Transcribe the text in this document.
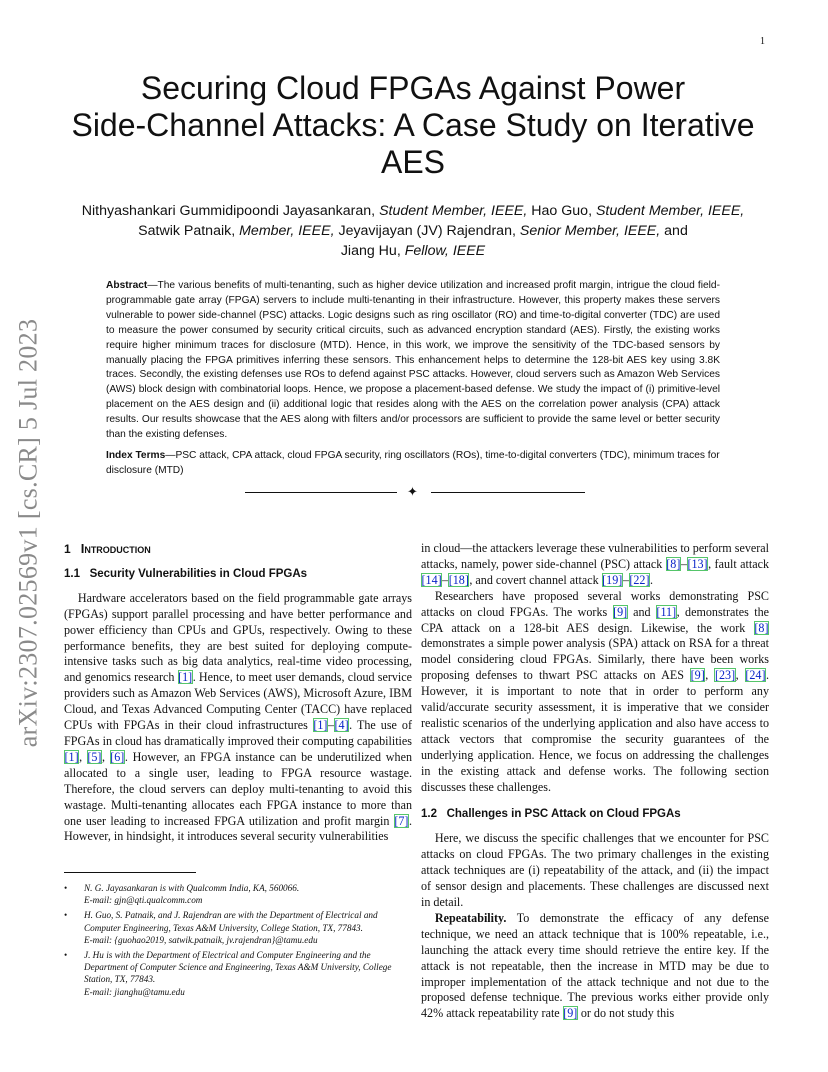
1
arXiv:2307.02569v1 [cs.CR] 5 Jul 2023
Securing Cloud FPGAs Against Power
Side-Channel Attacks: A Case Study on Iterative
AES
Nithyashankari Gummidipoondi Jayasankaran, Student Member, IEEE, Hao Guo, Student Member, IEEE,
Satwik Patnaik, Member, IEEE, Jeyavijayan (JV) Rajendran, Senior Member, IEEE, and
Jiang Hu, Fellow, IEEE
Abstract—The various benefits of multi-tenanting, such as higher device utilization and increased profit margin, intrigue the cloud field-programmable gate array (FPGA) servers to include multi-tenanting in their infrastructure. However, this property makes these servers vulnerable to power side-channel (PSC) attacks. Logic designs such as ring oscillator (RO) and time-to-digital converter (TDC) are used to measure the power consumed by security critical circuits, such as advanced encryption standard (AES). Firstly, the existing works require higher minimum traces for disclosure (MTD). Hence, in this work, we improve the sensitivity of the TDC-based sensors by manually placing the FPGA primitives inferring these sensors. This enhancement helps to determine the 128-bit AES key using 3.8K traces. Secondly, the existing defenses use ROs to defend against PSC attacks. However, cloud servers such as Amazon Web Services (AWS) block design with combinatorial loops. Hence, we propose a placement-based defense. We study the impact of (i) primitive-level placement on the AES design and (ii) additional logic that resides along with the AES on the correlation power analysis (CPA) attack results. Our results showcase that the AES along with filters and/or processors are sufficient to provide the same level or better security than the existing defenses.
Index Terms—PSC attack, CPA attack, cloud FPGA security, ring oscillators (ROs), time-to-digital converters (TDC), minimum traces for disclosure (MTD)
✦
1 Introduction
1.1 Security Vulnerabilities in Cloud FPGAs
Hardware accelerators based on the field programmable gate arrays (FPGAs) support parallel processing and have better performance and power efficiency than CPUs and GPUs, respectively. Owing to these performance benefits, they are best suited for deploying compute-intensive tasks such as big data analytics, real-time video processing, and genomics research [1]. Hence, to meet user demands, cloud service providers such as Amazon Web Services (AWS), Microsoft Azure, IBM Cloud, and Texas Advanced Computing Center (TACC) have replaced CPUs with FPGAs in their cloud infrastructures [1]–[4]. The use of FPGAs in cloud has dramatically improved their computing capabilities [1], [5], [6]. However, an FPGA instance can be underutilized when allocated to a single user, leading to FPGA resource wastage. Therefore, the cloud servers can deploy multi-tenanting to avoid this wastage. Multi-tenanting allocates each FPGA instance to more than one user leading to increased FPGA utilization and profit margin [7]. However, in hindsight, it introduces several security vulnerabilities
• N. G. Jayasankaran is with Qualcomm India, KA, 560066.
E-mail: gjn@qti.qualcomm.com
• H. Guo, S. Patnaik, and J. Rajendran are with the Department of Electrical and Computer Engineering, Texas A&M University, College Station, TX, 77843.
E-mail: {guohao2019, satwik.patnaik, jv.rajendran}@tamu.edu
• J. Hu is with the Department of Electrical and Computer Engineering and the Department of Computer Science and Engineering, Texas A&M University, College Station, TX, 77843.
E-mail: jianghu@tamu.edu
in cloud—the attackers leverage these vulnerabilities to perform several attacks, namely, power side-channel (PSC) attack [8]–[13], fault attack [14]–[18], and covert channel attack [19]–[22].
Researchers have proposed several works demonstrating PSC attacks on cloud FPGAs. The works [9] and [11], demonstrates the CPA attack on a 128-bit AES design. Likewise, the work [8] demonstrates a simple power analysis (SPA) attack on RSA for a threat model considering cloud FPGAs. Similarly, there have been works proposing defenses to thwart PSC attacks on AES [9], [23], [24]. However, it is important to note that in order to perform any valid/accurate security assessment, it is imperative that we consider realistic scenarios of the underlying application and also have access to attack vectors that compromise the security guarantees of the underlying application. Hence, we focus on addressing the challenges in the existing attack and defense works. The following section discusses these challenges.
1.2 Challenges in PSC Attack on Cloud FPGAs
Here, we discuss the specific challenges that we encounter for PSC attacks on cloud FPGAs. The two primary challenges in the existing attack techniques are (i) repeatability of the attack, and (ii) the impact of sensor design and placements. These challenges are discussed next in detail.
Repeatability. To demonstrate the efficacy of any defense technique, we need an attack technique that is 100% repeatable, i.e., launching the attack every time should retrieve the entire key. If the attack is not repeatable, then the increase in MTD may be due to improper implementation of the attack technique and not due to the proposed defense technique. The previous works either provide only 42% attack repeatability rate [9] or do not study this
